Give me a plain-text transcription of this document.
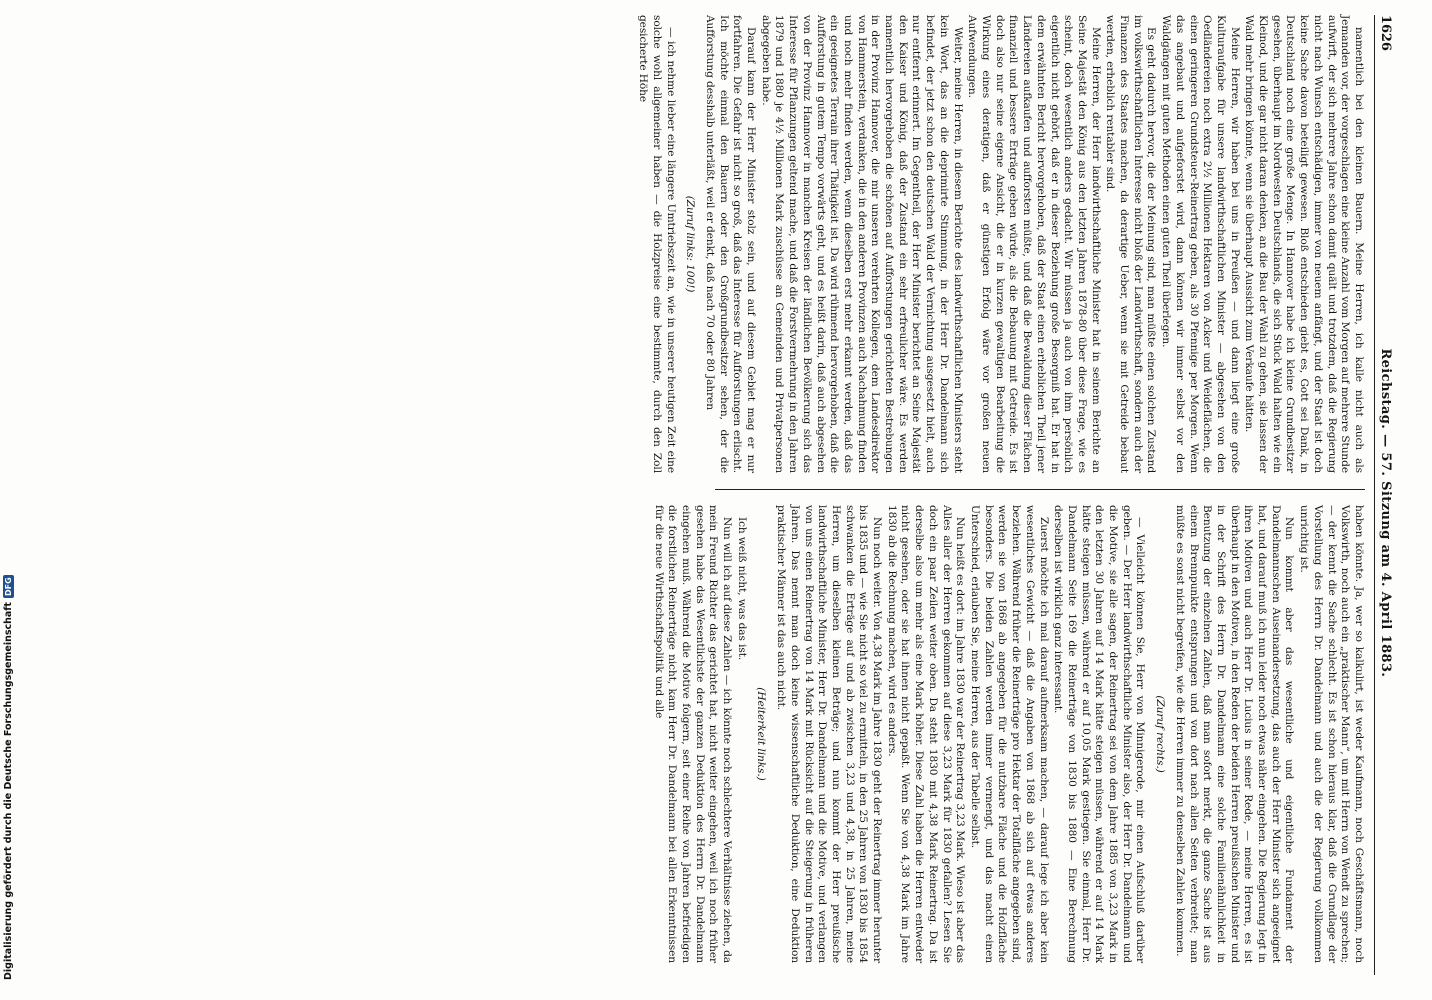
1626
Reichstag. — 57. Sitzung am 4. April 1883.

namentlich bei den kleinen Bauern. Meine Herren, ich kalle nicht auch als Jemanden vor, der vorgeschlagen eine kleine Anzahl vom Morgen auf mehrere Stunde aufwirft, der sich mehrere Jahre schon damit quält und trotzdem, daß die Regierung nicht nach Wunsch entschädigen, immer von neuem anfängt, und der Staat ist doch keine Sache davon beteiligt gewesen. Bloß entschieden giebt es, Gott sei Dank, in Deutschland noch eine große Menge. In Hannover habe ich kleine Grundbesitzer gesehen, überhaupt im Nordwesten Deutschlands, die sich Stück Wald halten wie ein Kleinod, und die gar nicht daran denken, an die Bau der Wahl zu gehen, sie lassen der Wald mehr bringen könnte, wenn sie überhaupt Aussicht zum Verkaufe hätten.

Meine Herren, wir haben bei uns in Preußen — und dann liegt eine große Kulturaufgabe für unsere landwirthschaftlichen Minister — abgesehen von den Oedländereien noch extra 2½ Millionen Hektaren von Acker und Weideflächen, die einen geringeren Grundsteuer-Reinertrag geben, als 30 Pfennige per Morgen. Wenn das angebaut und aufgeforstet wird, dann können wir immer selbst vor den Waldgängen mit guten Methoden einen guten Theil überlegen.

Es geht dadurch hervor, die der Meinung sind, man müßte einen solchen Zustand im volkswirthschaftlichen Interesse nicht bloß der Landwirthschaft, sondern auch der Finanzen des Staates machen, da derartige Ueber, wenn sie mit Getreide bebaut werden, erheblich rentabler sind.

Meine Herren, der Herr landwirthschaftliche Minister hat in seinem Berichte an Seine Majestät den König aus den letzten Jahren 1878-80 über diese Frage, wie es scheint, doch wesentlich anders gedacht. Wir müssen ja auch von ihm persönlich eigentlich nicht gehört, daß er in dieser Beziehung große Besorgniß hat. Er hat in dem erwähnten Bericht hervorgehoben, daß der Staat einen erheblichen Theil jener Ländereien aufkaufen und aufforsten müßte, und daß die Bewaldung dieser Flächen finanziell und bessere Erträge geben würde, als die Bebauung mit Getreide. Es ist doch also nur seine eigene Ansicht, die er in kurzen gewaltigen Bearbeitung die Wirkung eines deratigen, daß er günstigen Erfolg wäre vor großen neuen Aufwendungen.

Weiter, meine Herren, in diesem Berichte des landwirthschaftlichen Ministers steht kein Wort, das an die deprimirte Stimmung, in der Herr Dr. Dandelmann sich befindet, der jetzt schon den deutschen Wald der Vernichtung ausgesetzt hielt, auch nur entfernt erinnert. Im Gegentheil, der Herr Minister berichtet an Seine Majestät den Kaiser und König, daß der Zustand ein sehr erfreulicher wäre. Es werden namentlich hervorgehoben die schönen auf Aufforstungen gerichteten Bestrebungen in der Provinz Hannover, die mir unseren verehrten Kollegen, dem Landesdirektor von Hammerstein, verdanken, die in den anderen Provinzen auch Nachahmung finden und noch mehr finden werden, wenn dieselben erst mehr erkannt werden, daß das ein geeignetes Terrain ihrer Thätigkeit ist. Da wird rühmend hervorgehoben, daß die Aufforstung in gutem Tempo vorwärts geht, und es heißt darin, daß auch abgesehen von der Provinz Hannover in manchen Kreisen der ländlichen Bevölkerung sich das Interesse für Pflanzungen geltend mache, und daß die Forstvermehrung in den Jahren 1879 und 1880 je 4½ Millionen Mark zuschüsse an Gemeinden und Privatpersonen abgegeben habe.

Darauf kann der Herr Minister stolz sein, und auf diesem Gebiet mag er nur fortfahren. Die Gefahr ist nicht so groß, daß das Interesse für Aufforstungen erlischt. Ich möchte einmal den Bauern oder den Großgrundbesitzer sehen, der die Aufforstung desshalb unterläßt, weil er denkt, daß nach 70 oder 80 Jahren

(Zuruf links: 100!)

— ich nehme lieber eine längere Umtriebszeit an, wie in unserer heutigen Zeit eine solche wohl allgemeiner haben — die Holzpreise eine bestimmte, durch den Zoll gesicherte Höhe

haben könnte. Ja, wer so kalkulirt, ist weder Kaufmann, noch Geschäftsmann, noch Volkswirth, noch auch ein „praktischer Mann“, um mit Herrn von Wendt zu sprechen; — der kennt die Sache schlecht. Es ist schon hieraus klar, daß die Grundlage der Vorstellung des Herrn Dr. Dandelmann und auch die der Regierung vollkommen unrichtig ist.

Nun kommt aber das wesentliche und eigentliche Fundament der Dandelmannschen Auseinandersetzung, das auch der Herr Minister sich angeeignet hat, und darauf muß ich nun leider noch etwas näher eingehen. Die Regierung legt in ihren Motiven und auch Herr Dr. Lucius in seiner Rede, — meine Herren, es ist überhaupt in den Motiven, in den Reden der beiden Herren preußischen Minister und in der Schrift des Herrn Dr. Dandelmann eine solche Familienähnlichkeit in Benutzung der einzelnen Zahlen, daß man sofort merkt, die ganze Sache ist aus einem Brennpunkte entsprungen und von dort nach allen Seiten verbreitet; man müßte es sonst nicht begreifen, wie die Herren immer zu denselben Zahlen kommen.

(Zuruf rechts.)

— Vielleicht können Sie, Herr von Minnigerode, mir einen Aufschluß darüber geben. — Der Herr landwirthschaftliche Minister also, der Herr Dr. Dandelmann und die Motive, sie alle sagen, der Reinertrag sei von dem Jahre 1885 von 3,23 Mark in den letzten 30 Jahren auf 14 Mark hätte steigen müssen, während er auf 14 Mark hätte steigen müssen, während er auf 10,05 Mark gestiegen. Sie einmal, Herr Dr. Dandelmann Seite 169 die Reinerträge von 1830 bis 1880 — Eine Berechnung derselben ist wirklich ganz interessant.

Zuerst möchte ich mal darauf aufmerksam machen, — darauf lege ich aber kein wesentliches Gewicht — daß die Angaben von 1868 ab sich auf etwas anderes beziehen. Während früher die Reinerträge pro Hektar der Totalfläche angegeben sind, werden sie von 1868 ab angegeben für die nutzbare Fläche und die Holzfläche besonders. Die beiden Zahlen werden immer vermengt, und das macht einen Unterschied, erlauben Sie, meine Herren, aus der Tabelle selbst.

Nun heißt es dort: im Jahre 1830 war der Reinertrag 3,23 Mark. Wieso ist aber das Alles aller der Herren gekommen auf diese 3,23 Mark für 1830 gefallen? Lesen Sie doch ein paar Zeilen weiter oben. Da steht 1830 mit 4,38 Mark Reinertrag. Da ist derselbe also um mehr als eine Mark höher. Diese Zahl haben die Herren entweder nicht gesehen, oder sie hat ihnen nicht gepaßt. Wenn Sie von 4,38 Mark im Jahre 1830 ab die Rechnung machen, wird es anders.

Nun noch weiter. Von 4,38 Mark im Jahre 1830 geht der Reinertrag immer herunter bis 1835 und — wie Sie nicht so viel zu ermitteln, in den 25 Jahren von 1830 bis 1854 schwanken die Erträge auf und ab zwischen 3,23 und 4,38, in 25 Jahren, meine Herren, um dieselben kleinen Beträge; und nun kommt der Herr preußische landwirthschaftliche Minister, Herr Dr. Dandelmann und die Motive, und verlangen von uns einen Reinertrag von 14 Mark mit Rücksicht auf die Steigerung in früheren Jahren. Das nennt man doch keine wissenschaftliche Deduktion, eine Deduktion praktischer Männer ist das auch nicht.

(Heiterkeit links.)

Ich weiß nicht, was das ist.

Nun will ich auf diese Zahlen — ich könnte noch schlechtere Verhältnisse ziehen, da mein Freund Richter das gerichtet hat, nicht weiter eingehen, weil ich noch früher gesehen habe das Wesentlichste der ganzen Deduktion des Herrn Dr. Dandelmann eingehen muß. Während die Motive folgern, seit einer Reihe von Jahren befriedigen die forstlichen Reinerträge nicht, kam Herr Dr. Dandelmann bei allen Erkenntnissen für die neue Wirthschaftspolitik und alle

Digitalisierung gefördert durch die Deutsche Forschungsgemeinschaft
DFG
